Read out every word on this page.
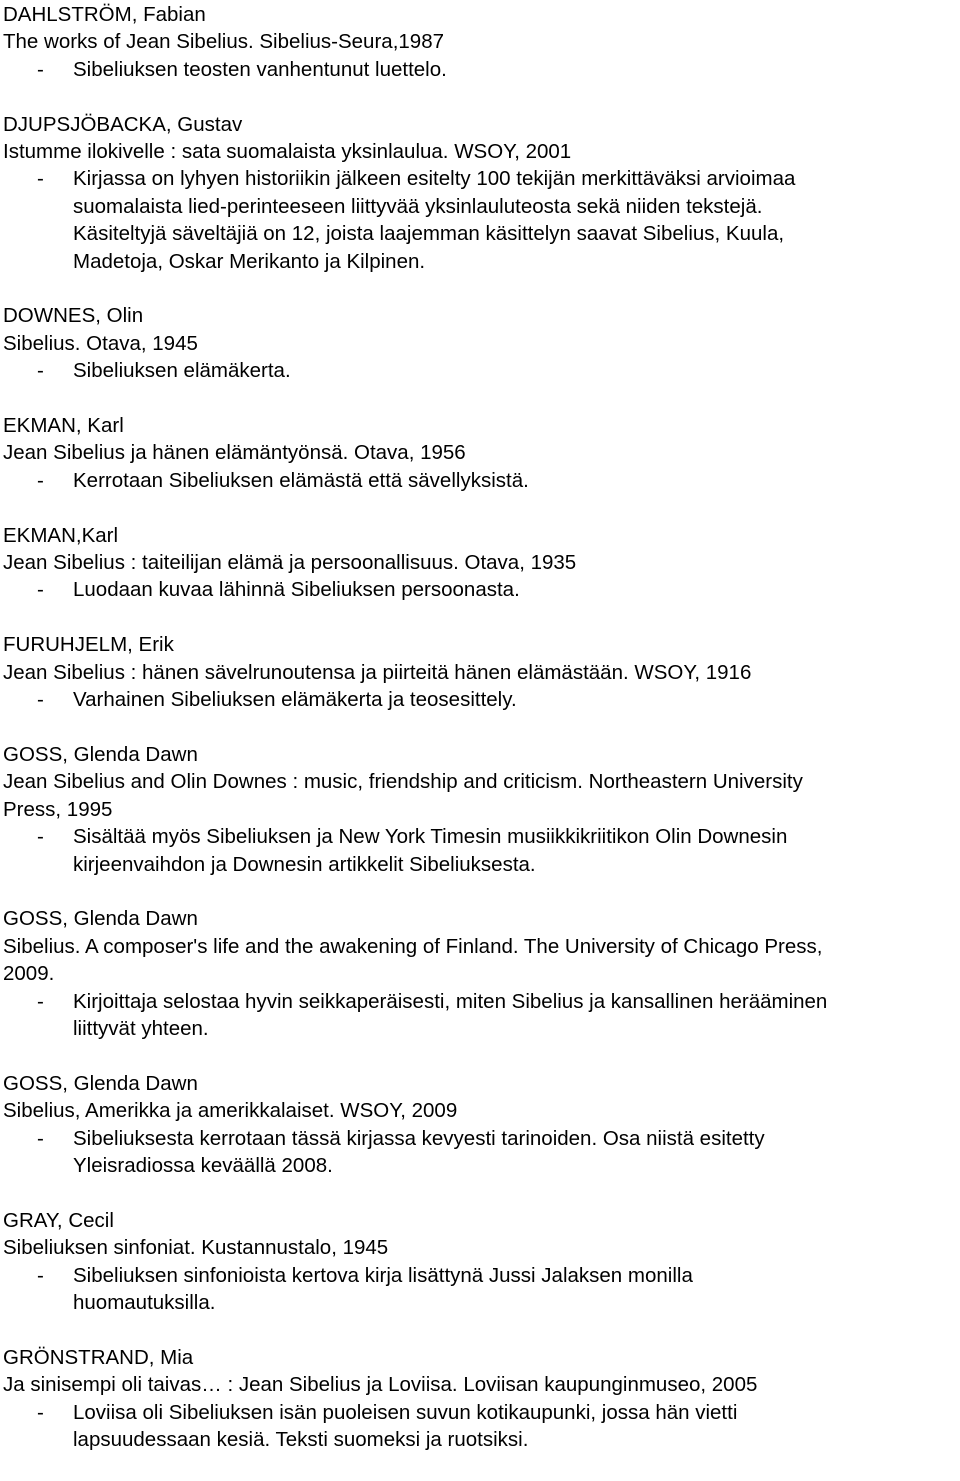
DAHLSTRÖM, Fabian
The works of Jean Sibelius. Sibelius-Seura,1987
- Sibeliuksen teosten vanhentunut luettelo.
DJUPSJÖBACKA, Gustav
Istumme ilokivelle : sata suomalaista yksinlaulua. WSOY, 2001
- Kirjassa on lyhyen historiikin jälkeen esitelty 100 tekijän merkittäväksi arvioimaa
suomalaista lied-perinteeseen liittyvää yksinlauluteosta sekä niiden tekstejä.
Käsiteltyjä säveltäjiä on 12, joista laajemman käsittelyn saavat Sibelius, Kuula,
Madetoja, Oskar Merikanto ja Kilpinen.
DOWNES, Olin
Sibelius. Otava, 1945
- Sibeliuksen elämäkerta.
EKMAN, Karl
Jean Sibelius ja hänen elämäntyönsä. Otava, 1956
- Kerrotaan Sibeliuksen elämästä että sävellyksistä.
EKMAN,Karl
Jean Sibelius : taiteilijan elämä ja persoonallisuus. Otava, 1935
- Luodaan kuvaa lähinnä Sibeliuksen persoonasta.
FURUHJELM, Erik
Jean Sibelius : hänen sävelrunoutensa ja piirteitä hänen elämästään. WSOY, 1916
- Varhainen Sibeliuksen elämäkerta ja teosesittely.
GOSS, Glenda Dawn
Jean Sibelius and Olin Downes : music, friendship and criticism. Northeastern University
Press, 1995
- Sisältää myös Sibeliuksen ja New York Timesin musiikkikriitikon Olin Downesin
kirjeenvaihdon ja Downesin artikkelit Sibeliuksesta.
GOSS, Glenda Dawn
Sibelius. A composer's life and the awakening of Finland. The University of Chicago Press,
2009.
- Kirjoittaja selostaa hyvin seikkaperäisesti, miten Sibelius ja kansallinen herääminen
liittyvät yhteen.
GOSS, Glenda Dawn
Sibelius, Amerikka ja amerikkalaiset. WSOY, 2009
- Sibeliuksesta kerrotaan tässä kirjassa kevyesti tarinoiden. Osa niistä esitetty
Yleisradiossa keväällä 2008.
GRAY, Cecil
Sibeliuksen sinfoniat. Kustannustalo, 1945
- Sibeliuksen sinfonioista kertova kirja lisättynä Jussi Jalaksen monilla
huomautuksilla.
GRÖNSTRAND, Mia
Ja sinisempi oli taivas… : Jean Sibelius ja Loviisa. Loviisan kaupunginmuseo, 2005
- Loviisa oli Sibeliuksen isän puoleisen suvun kotikaupunki, jossa hän vietti
lapsuudessaan kesiä. Teksti suomeksi ja ruotsiksi.
